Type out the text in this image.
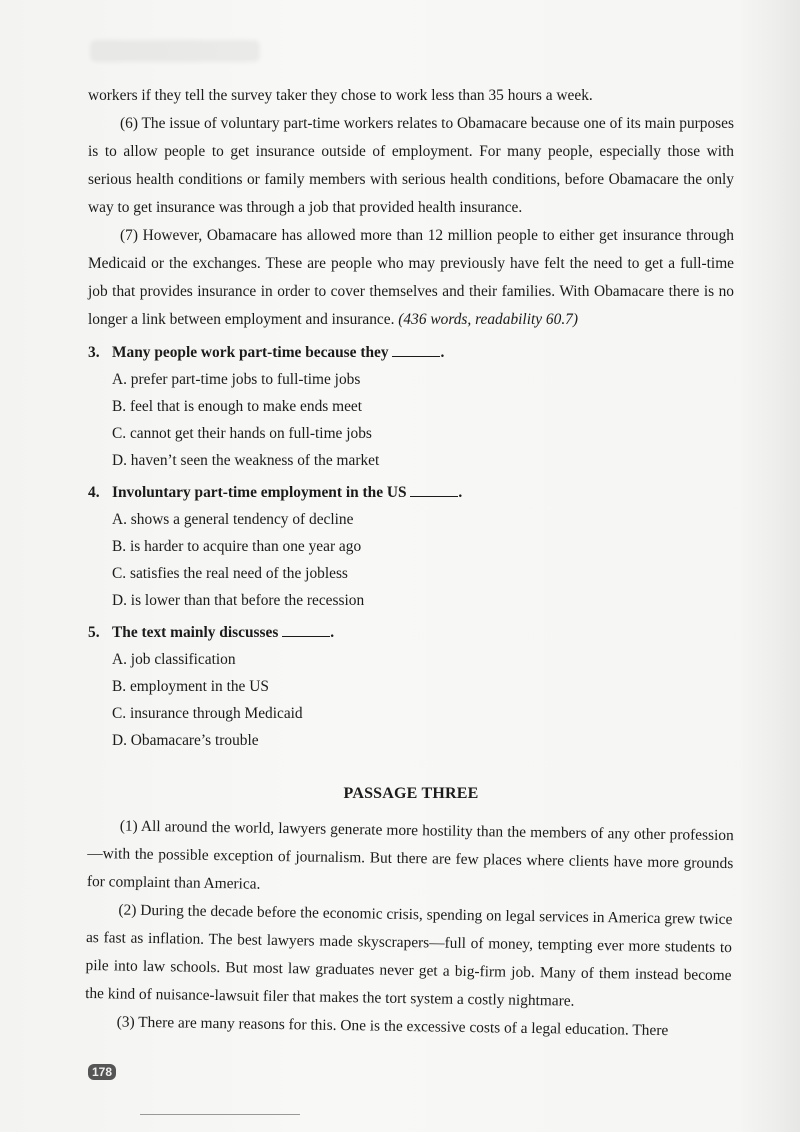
workers if they tell the survey taker they chose to work less than 35 hours a week.

(6) The issue of voluntary part-time workers relates to Obamacare because one of its main purposes is to allow people to get insurance outside of employment. For many people, especially those with serious health conditions or family members with serious health conditions, before Obamacare the only way to get insurance was through a job that provided health insurance.

(7) However, Obamacare has allowed more than 12 million people to either get insurance through Medicaid or the exchanges. These are people who may previously have felt the need to get a full-time job that provides insurance in order to cover themselves and their families. With Obamacare there is no longer a link between employment and insurance. (436 words, readability 60.7)

3. Many people work part-time because they	.
A. prefer part-time jobs to full-time jobs
B. feel that is enough to make ends meet
C. cannot get their hands on full-time jobs
D. haven’t seen the weakness of the market
4. Involuntary part-time employment in the US	.
A. shows a general tendency of decline
B. is harder to acquire than one year ago
C. satisfies the real need of the jobless
D. is lower than that before the recession
5. The text mainly discusses	.
A. job classification
B. employment in the US
C. insurance through Medicaid
D. Obamacare’s trouble
PASSAGE THREE

(1) All around the world, lawyers generate more hostility than the members of any other profession—with the possible exception of journalism. But there are few places where clients have more grounds for complaint than America.

(2) During the decade before the economic crisis, spending on legal services in America grew twice as fast as inflation. The best lawyers made skyscrapers—full of money, tempting ever more students to pile into law schools. But most law graduates never get a big-firm job. Many of them instead become the kind of nuisance-lawsuit filer that makes the tort system a costly nightmare.

(3) There are many reasons for this. One is the excessive costs of a legal education. There

178
